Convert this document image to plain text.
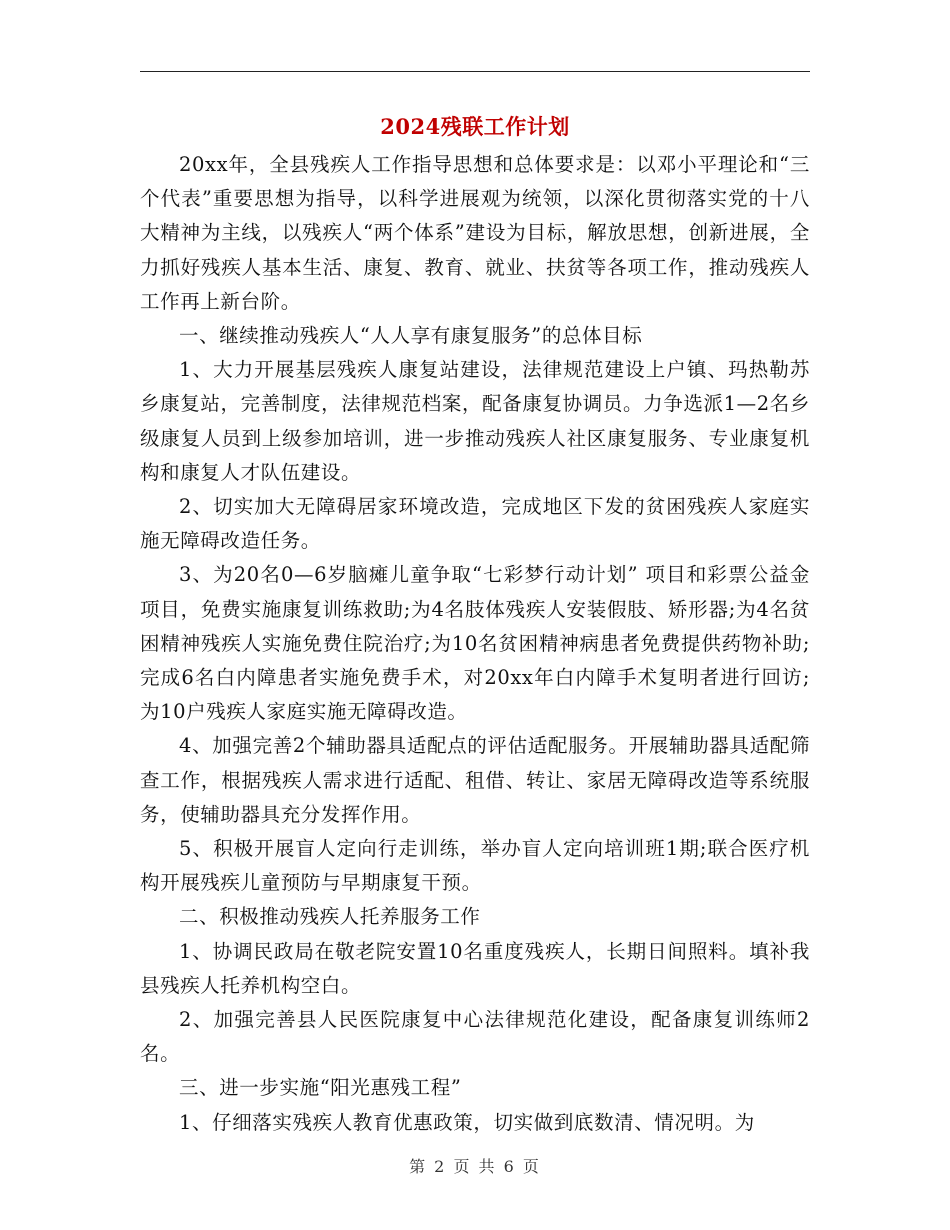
2024残联工作计划

20xx年，全县残疾人工作指导思想和总体要求是：以邓小平理论和“三个代表”重要思想为指导，以科学进展观为统领，以深化贯彻落实党的十八大精神为主线，以残疾人“两个体系”建设为目标，解放思想，创新进展，全力抓好残疾人基本生活、康复、教育、就业、扶贫等各项工作，推动残疾人工作再上新台阶。

一、继续推动残疾人“人人享有康复服务”的总体目标

1、大力开展基层残疾人康复站建设，法律规范建设上户镇、玛热勒苏乡康复站，完善制度，法律规范档案，配备康复协调员。力争选派1—2名乡级康复人员到上级参加培训，进一步推动残疾人社区康复服务、专业康复机构和康复人才队伍建设。

2、切实加大无障碍居家环境改造，完成地区下发的贫困残疾人家庭实施无障碍改造任务。

3、为20名0—6岁脑瘫儿童争取“七彩梦行动计划” 项目和彩票公益金项目，免费实施康复训练救助;为4名肢体残疾人安装假肢、矫形器;为4名贫困精神残疾人实施免费住院治疗;为10名贫困精神病患者免费提供药物补助;完成6名白内障患者实施免费手术，对20xx年白内障手术复明者进行回访;为10户残疾人家庭实施无障碍改造。

4、加强完善2个辅助器具适配点的评估适配服务。开展辅助器具适配筛查工作，根据残疾人需求进行适配、租借、转让、家居无障碍改造等系统服务，使辅助器具充分发挥作用。

5、积极开展盲人定向行走训练，举办盲人定向培训班1期;联合医疗机构开展残疾儿童预防与早期康复干预。

二、积极推动残疾人托养服务工作

1、协调民政局在敬老院安置10名重度残疾人，长期日间照料。填补我县残疾人托养机构空白。

2、加强完善县人民医院康复中心法律规范化建设，配备康复训练师2名。

三、进一步实施“阳光惠残工程”

1、仔细落实残疾人教育优惠政策，切实做到底数清、情况明。为

第 2 页 共 6 页
